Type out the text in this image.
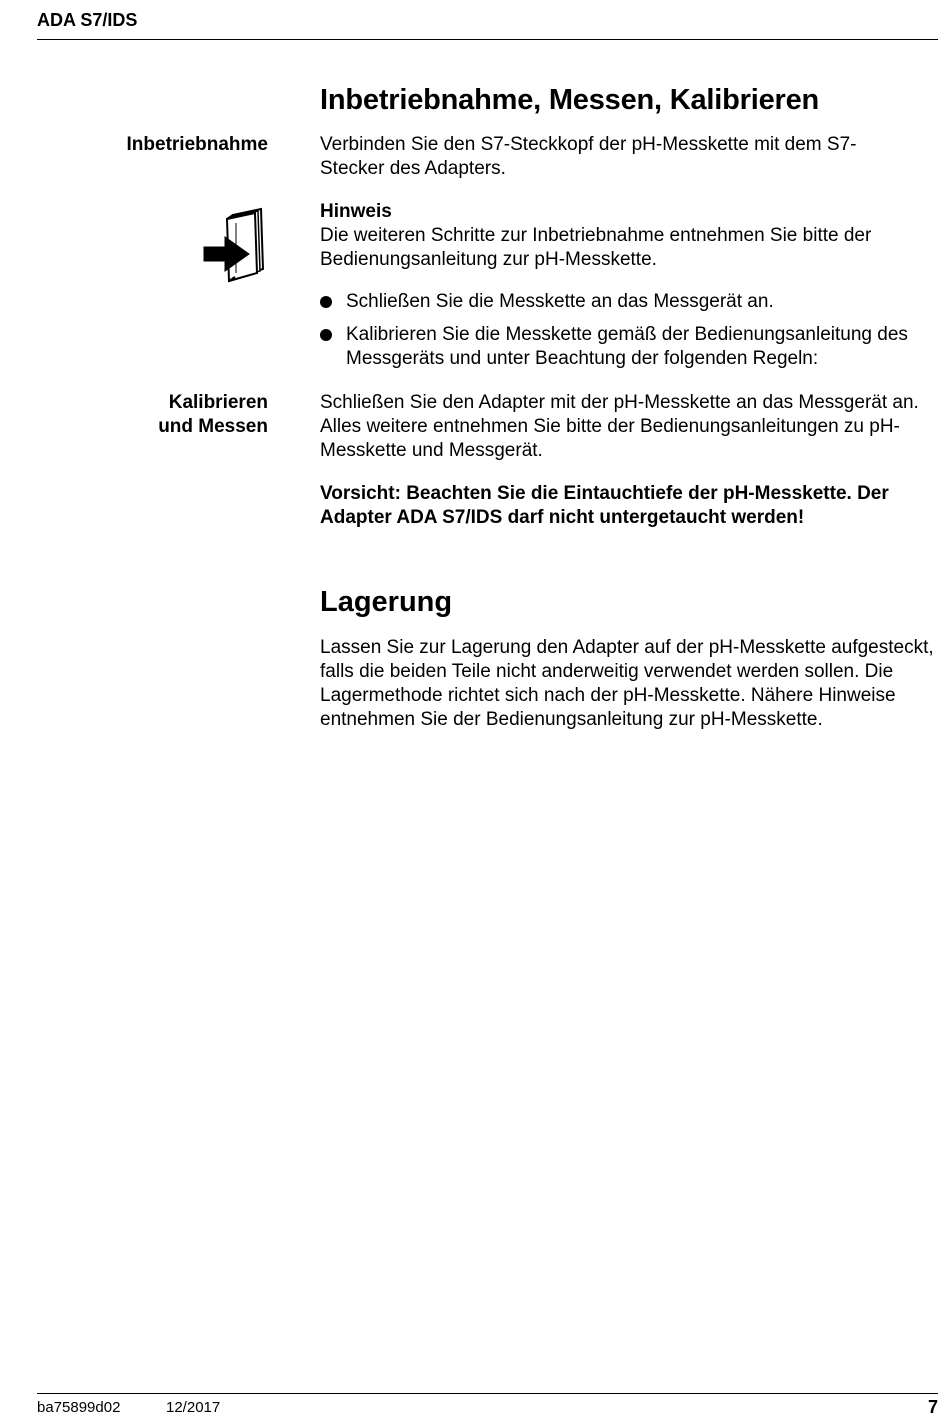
ADA S7/IDS
Inbetriebnahme, Messen, Kalibrieren
Inbetriebnahme	Verbinden Sie den S7-Steckkopf der pH-Messkette mit dem S7-Stecker des Adapters.
Hinweis
Die weiteren Schritte zur Inbetriebnahme entnehmen Sie bitte der Bedienungsanleitung zur pH-Messkette.
Schließen Sie die Messkette an das Messgerät an.
Kalibrieren Sie die Messkette gemäß der Bedienungsanleitung des Messgeräts und unter Beachtung der folgenden Regeln:
Kalibrieren
und Messen
Schließen Sie den Adapter mit der pH-Messkette an das Messgerät an. Alles weitere entnehmen Sie bitte der Bedienungsanleitungen zu pH-Messkette und Messgerät.
Vorsicht: Beachten Sie die Eintauchtiefe der pH-Messkette. Der Adapter ADA S7/IDS darf nicht untergetaucht werden!
Lagerung
Lassen Sie zur Lagerung den Adapter auf der pH-Messkette aufgesteckt, falls die beiden Teile nicht anderweitig verwendet werden sollen. Die Lagermethode richtet sich nach der pH-Messkette. Nähere Hinweise entnehmen Sie der Bedienungsanleitung zur pH-Messkette.
ba75899d02	12/2017	7
